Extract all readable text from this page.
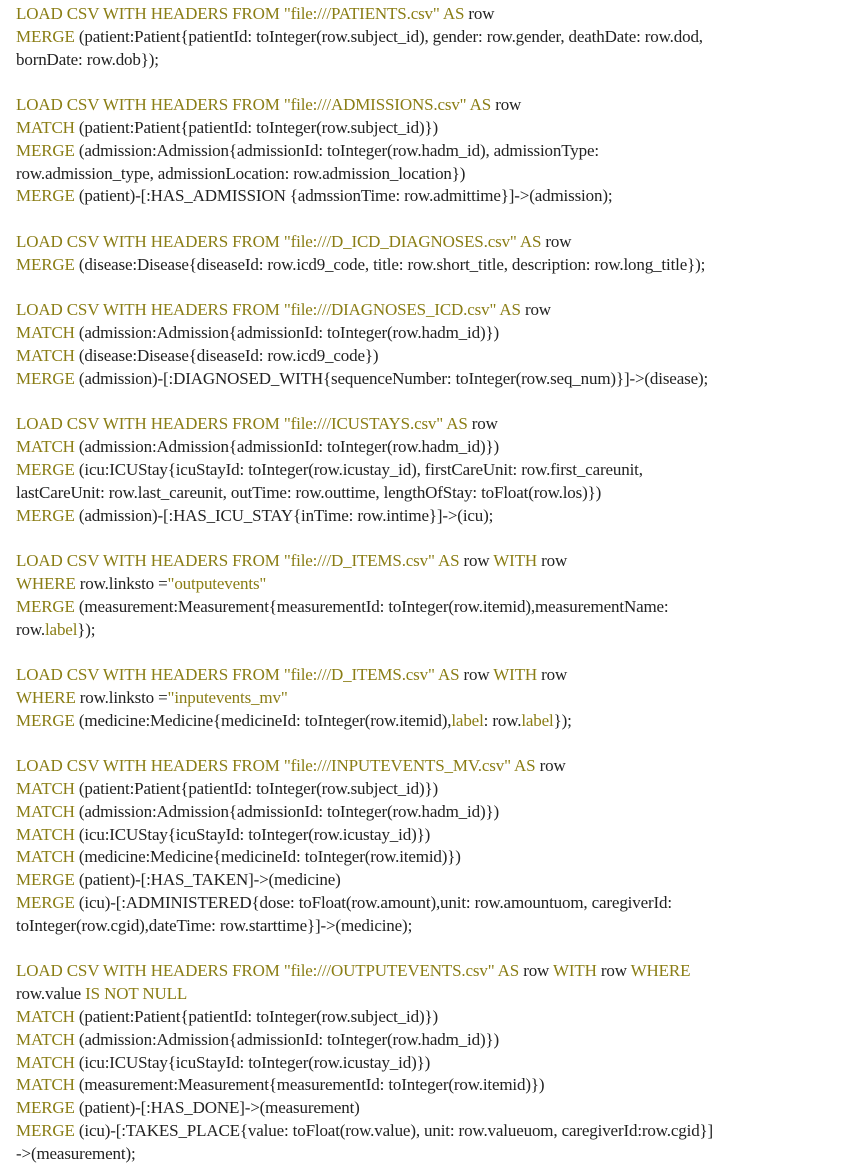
LOAD CSV WITH HEADERS FROM "file:///PATIENTS.csv" AS row
MERGE (patient:Patient{patientId: toInteger(row.subject_id), gender: row.gender, deathDate: row.dod,
bornDate: row.dob});
LOAD CSV WITH HEADERS FROM "file:///ADMISSIONS.csv" AS row
MATCH (patient:Patient{patientId: toInteger(row.subject_id)})
MERGE (admission:Admission{admissionId: toInteger(row.hadm_id), admissionType:
row.admission_type, admissionLocation: row.admission_location})
MERGE (patient)-[:HAS_ADMISSION {admssionTime: row.admittime}]->(admission);
LOAD CSV WITH HEADERS FROM "file:///D_ICD_DIAGNOSES.csv" AS row
MERGE (disease:Disease{diseaseId: row.icd9_code, title: row.short_title, description: row.long_title});
LOAD CSV WITH HEADERS FROM "file:///DIAGNOSES_ICD.csv" AS row
MATCH (admission:Admission{admissionId: toInteger(row.hadm_id)})
MATCH (disease:Disease{diseaseId: row.icd9_code})
MERGE (admission)-[:DIAGNOSED_WITH{sequenceNumber: toInteger(row.seq_num)}]->(disease);
LOAD CSV WITH HEADERS FROM "file:///ICUSTAYS.csv" AS row
MATCH (admission:Admission{admissionId: toInteger(row.hadm_id)})
MERGE (icu:ICUStay{icuStayId: toInteger(row.icustay_id), firstCareUnit: row.first_careunit,
lastCareUnit: row.last_careunit, outTime: row.outtime, lengthOfStay: toFloat(row.los)})
MERGE (admission)-[:HAS_ICU_STAY{inTime: row.intime}]->(icu);
LOAD CSV WITH HEADERS FROM "file:///D_ITEMS.csv" AS row WITH row
WHERE row.linksto ="outputevents"
MERGE (measurement:Measurement{measurementId: toInteger(row.itemid),measurementName:
row.label});
LOAD CSV WITH HEADERS FROM "file:///D_ITEMS.csv" AS row WITH row
WHERE row.linksto ="inputevents_mv"
MERGE (medicine:Medicine{medicineId: toInteger(row.itemid),label: row.label});
LOAD CSV WITH HEADERS FROM "file:///INPUTEVENTS_MV.csv" AS row
MATCH (patient:Patient{patientId: toInteger(row.subject_id)})
MATCH (admission:Admission{admissionId: toInteger(row.hadm_id)})
MATCH (icu:ICUStay{icuStayId: toInteger(row.icustay_id)})
MATCH (medicine:Medicine{medicineId: toInteger(row.itemid)})
MERGE (patient)-[:HAS_TAKEN]->(medicine)
MERGE (icu)-[:ADMINISTERED{dose: toFloat(row.amount),unit: row.amountuom, caregiverId:
toInteger(row.cgid),dateTime: row.starttime}]->(medicine);
LOAD CSV WITH HEADERS FROM "file:///OUTPUTEVENTS.csv" AS row WITH row WHERE
row.value IS NOT NULL
MATCH (patient:Patient{patientId: toInteger(row.subject_id)})
MATCH (admission:Admission{admissionId: toInteger(row.hadm_id)})
MATCH (icu:ICUStay{icuStayId: toInteger(row.icustay_id)})
MATCH (measurement:Measurement{measurementId: toInteger(row.itemid)})
MERGE (patient)-[:HAS_DONE]->(measurement)
MERGE (icu)-[:TAKES_PLACE{value: toFloat(row.value), unit: row.valueuom, caregiverId:row.cgid}]
->(measurement);
